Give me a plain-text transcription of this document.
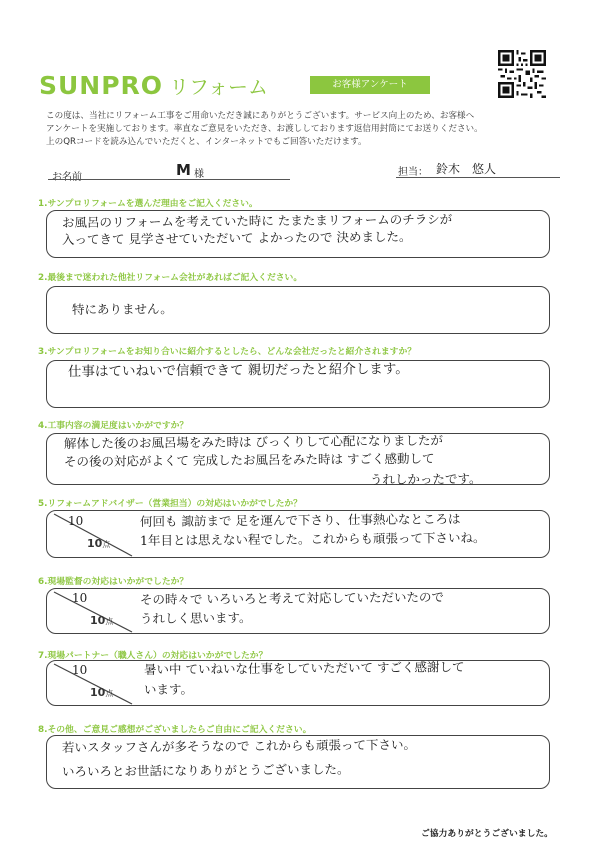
SUNPRO リフォーム	お客様アンケート
この度は、当社にリフォーム工事をご用命いただき誠にありがとうございます。サービス向上のため、お客様へ
アンケートを実施しております。率直なご意見をいただき、お渡ししております返信用封筒にてお送りください。
上のQRコードを読み込んでいただくと、インターネットでもご回答いただけます。
お名前	M 様	担当： 鈴木　悠人
1.サンプロリフォームを選んだ理由をご記入ください。
お風呂のリフォームを考えていた時に たまたまリフォームのチラシが
入ってきて 見学させていただいて よかったので 決めました。
2.最後まで迷われた他社リフォーム会社があればご記入ください。
特にありません。
3.サンプロリフォームをお知り合いに紹介するとしたら、どんな会社だったと紹介されますか？
仕事はていねいで信頼できて 親切だったと紹介します。
4.工事内容の満足度はいかがですか？
解体した後のお風呂場をみた時は びっくりして心配になりましたが
その後の対応がよくて 完成したお風呂をみた時は すごく感動して
うれしかったです。
5.リフォームアドバイザー（営業担当）の対応はいかがでしたか？
10
10点
何回も 諏訪まで 足を運んで下さり、仕事熱心なところは
1年目とは思えない程でした。これからも頑張って下さいね。
6.現場監督の対応はいかがでしたか？
10
10点
その時々で いろいろと考えて対応していただいたので
うれしく思います。
7.現場パートナー（職人さん）の対応はいかがでしたか？
10
10点
暑い中 ていねいな仕事をしていただいて すごく感謝して
います。
8.その他、ご意見ご感想がございましたらご自由にご記入ください。
若いスタッフさんが多そうなので これからも頑張って下さい。
いろいろとお世話になりありがとうございました。
ご協力ありがとうございました。
